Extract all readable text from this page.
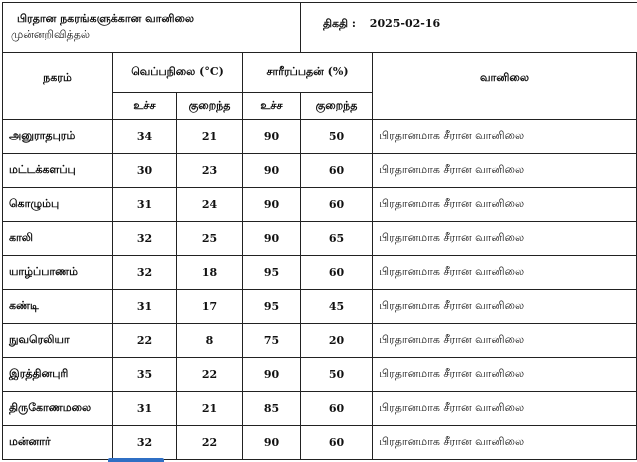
பிரதான நகரங்களுக்கான வானிலை
முன்னறிவித்தல்				திகதி : 2025-02-16	
நகரம்	வெப்பநிலை (°C)		சாரீரப்பதன் (%)		வானிலை
	உச்ச	குறைந்த	உச்ச	குறைந்த	
அனுராதபுரம்	34	21	90	50	பிரதானமாக சீரான வானிலை
மட்டக்களப்பு	30	23	90	60	பிரதானமாக சீரான வானிலை
கொழும்பு	31	24	90	60	பிரதானமாக சீரான வானிலை
காலி	32	25	90	65	பிரதானமாக சீரான வானிலை
யாழ்ப்பாணம்	32	18	95	60	பிரதானமாக சீரான வானிலை
கண்டி	31	17	95	45	பிரதானமாக சீரான வானிலை
நுவரெலியா	22	8	75	20	பிரதானமாக சீரான வானிலை
இரத்தினபுரி	35	22	90	50	பிரதானமாக சீரான வானிலை
திருகோணமலை	31	21	85	60	பிரதானமாக சீரான வானிலை
மன்னார்	32	22	90	60	பிரதானமாக சீரான வானிலை
